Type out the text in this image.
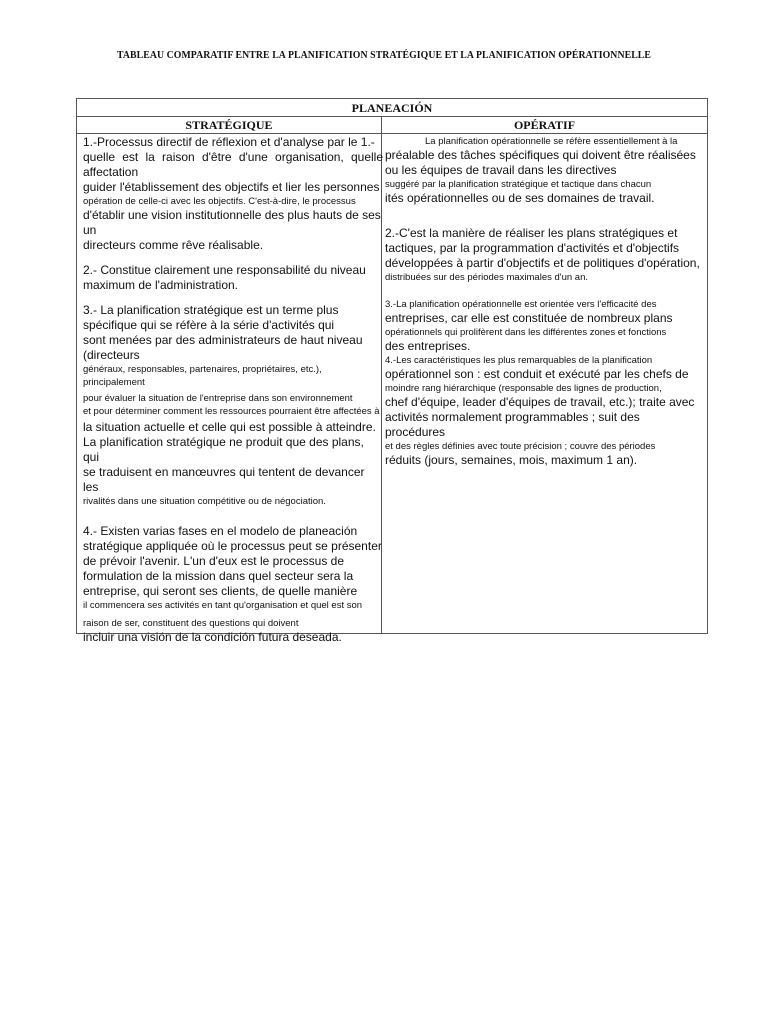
TABLEAU COMPARATIF ENTRE LA PLANIFICATION STRATÉGIQUE ET LA PLANIFICATION OPÉRATIONNELLE
PLANEACIÓN
STRATÉGIQUE	OPÉRATIF

1.-Processus directif de réflexion et d'analyse par le 1.-

quelle est la raison d'être d'une organisation, quelle affectation

guider l'établissement des objectifs et lier les personnes

opération de celle-ci avec les objectifs. C'est-à-dire, le processus

d'établir une vision institutionnelle des plus hauts de ses un

directeurs comme rêve réalisable.

2.- Constitue clairement une responsabilité du niveau

maximum de l'administration.

3.- La planification stratégique est un terme plus

spécifique qui se réfère à la série d'activités qui

sont menées par des administrateurs de haut niveau (directeurs

généraux, responsables, partenaires, propriétaires, etc.), principalement

pour évaluer la situation de l'entreprise dans son environnement

et pour déterminer comment les ressources pourraient être affectées à

la situation actuelle et celle qui est possible à atteindre.

La planification stratégique ne produit que des plans, qui

se traduisent en manœuvres qui tentent de devancer les

rivalités dans une situation compétitive ou de négociation.

4.- Existen varias fases en el modelo de planeación

stratégique appliquée où le processus peut se présenter

de prévoir l'avenir. L'un d'eux est le processus de

formulation de la mission dans quel secteur sera la

entreprise, qui seront ses clients, de quelle manière

il commencera ses activités en tant qu'organisation et quel est son

raison de ser, constituent des questions qui doivent

incluir una visión de la condición futura deseada.

La planification opérationnelle se réfère essentiellement à la

préalable des tâches spécifiques qui doivent être réalisées

ou les équipes de travail dans les directives

suggéré par la planification stratégique et tactique dans chacun

ités opérationnelles ou de ses domaines de travail.

2.-C'est la manière de réaliser les plans stratégiques et

tactiques, par la programmation d'activités et d'objectifs

développées à partir d'objectifs et de politiques d'opération,

distribuées sur des périodes maximales d'un an.

3.-La planification opérationnelle est orientée vers l'efficacité des

entreprises, car elle est constituée de nombreux plans

opérationnels qui prolifèrent dans les différentes zones et fonctions

des entreprises.

4.-Les caractéristiques les plus remarquables de la planification

opérationnel son : est conduit et exécuté par les chefs de

moindre rang hiérarchique (responsable des lignes de production,

chef d'équipe, leader d'équipes de travail, etc.); traite avec

activités normalement programmables ; suit des procédures

et des règles définies avec toute précision ; couvre des périodes

réduits (jours, semaines, mois, maximum 1 an).
